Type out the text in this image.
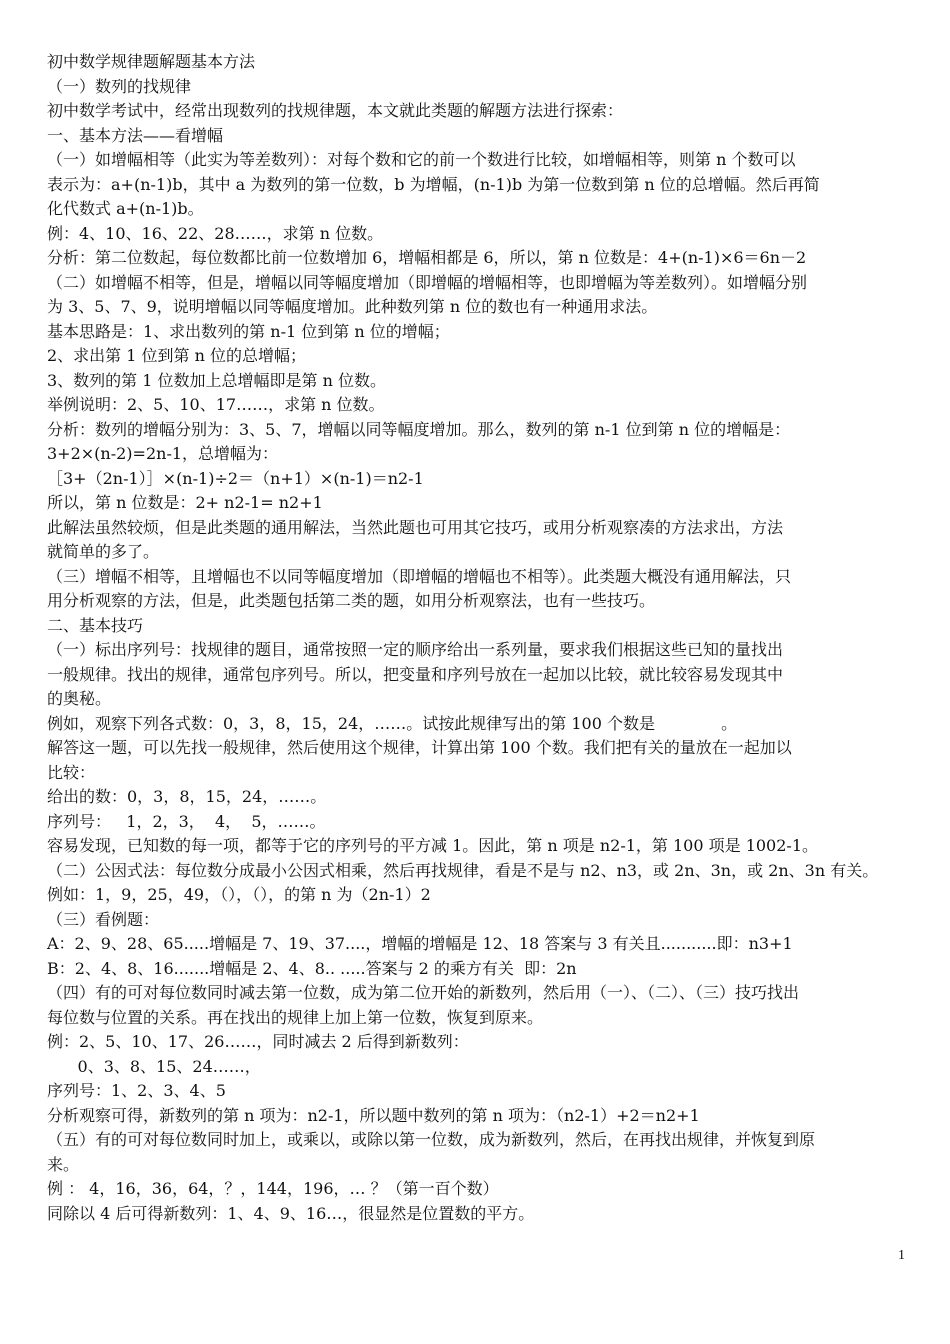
初中数学规律题解题基本方法
（一）数列的找规律
初中数学考试中，经常出现数列的找规律题，本文就此类题的解题方法进行探索：
一、基本方法——看增幅
（一）如增幅相等（此实为等差数列）：对每个数和它的前一个数进行比较，如增幅相等，则第 n 个数可以
表示为：a+(n-1)b，其中 a 为数列的第一位数，b 为增幅，(n-1)b 为第一位数到第 n 位的总增幅。然后再简
化代数式 a+(n-1)b。
例：4、10、16、22、28……，求第 n 位数。
分析：第二位数起，每位数都比前一位数增加 6，增幅相都是 6，所以，第 n 位数是：4+(n-1)×6＝6n－2
（二）如增幅不相等，但是，增幅以同等幅度增加（即增幅的增幅相等，也即增幅为等差数列）。如增幅分别
为 3、5、7、9，说明增幅以同等幅度增加。此种数列第 n 位的数也有一种通用求法。
基本思路是：1、求出数列的第 n-1 位到第 n 位的增幅；
2、求出第 1 位到第 n 位的总增幅；
3、数列的第 1 位数加上总增幅即是第 n 位数。
举例说明：2、5、10、17……，求第 n 位数。
分析：数列的增幅分别为：3、5、7，增幅以同等幅度增加。那么，数列的第 n-1 位到第 n 位的增幅是：
3+2×(n-2)=2n-1，总增幅为：
［3+（2n-1）］×(n-1)÷2＝（n+1）×(n-1)＝n2-1
所以，第 n 位数是：2+ n2-1= n2+1
此解法虽然较烦，但是此类题的通用解法，当然此题也可用其它技巧，或用分析观察凑的方法求出，方法
就简单的多了。
（三）增幅不相等，且增幅也不以同等幅度增加（即增幅的增幅也不相等）。此类题大概没有通用解法，只
用分析观察的方法，但是，此类题包括第二类的题，如用分析观察法，也有一些技巧。
二、基本技巧
（一）标出序列号：找规律的题目，通常按照一定的顺序给出一系列量，要求我们根据这些已知的量找出
一般规律。找出的规律，通常包序列号。所以，把变量和序列号放在一起加以比较，就比较容易发现其中
的奥秘。
例如，观察下列各式数：0，3，8，15，24，……。试按此规律写出的第 100 个数是             。
解答这一题，可以先找一般规律，然后使用这个规律，计算出第 100 个数。我们把有关的量放在一起加以
比较：
给出的数：0，3，8，15，24，……。
序列号：   1，2，3，  4，  5，……。
容易发现，已知数的每一项，都等于它的序列号的平方减 1。因此，第 n 项是 n2-1，第 100 项是 1002-1。
（二）公因式法：每位数分成最小公因式相乘，然后再找规律，看是不是与 n2、n3，或 2n、3n，或 2n、3n 有关。
例如：1，9，25，49，（），（），的第 n 为（2n-1）2
（三）看例题：
A：2、9、28、65.....增幅是 7、19、37....，增幅的增幅是 12、18 答案与 3 有关且...........即：n3+1
B：2、4、8、16.......增幅是 2、4、8.. .....答案与 2 的乘方有关  即：2n
（四）有的可对每位数同时减去第一位数，成为第二位开始的新数列，然后用（一）、（二）、（三）技巧找出
每位数与位置的关系。再在找出的规律上加上第一位数，恢复到原来。
例：2、5、10、17、26……，同时减去 2 后得到新数列：
0、3、8、15、24……，
序列号：1、2、3、4、5
分析观察可得，新数列的第 n 项为：n2-1，所以题中数列的第 n 项为：（n2-1）+2＝n2+1
（五）有的可对每位数同时加上，或乘以，或除以第一位数，成为新数列，然后，在再找出规律，并恢复到原
来。
例 ： 4，16，36，64，？，144，196，… ？（第一百个数）
同除以 4 后可得新数列：1、4、9、16…，很显然是位置数的平方。
1
